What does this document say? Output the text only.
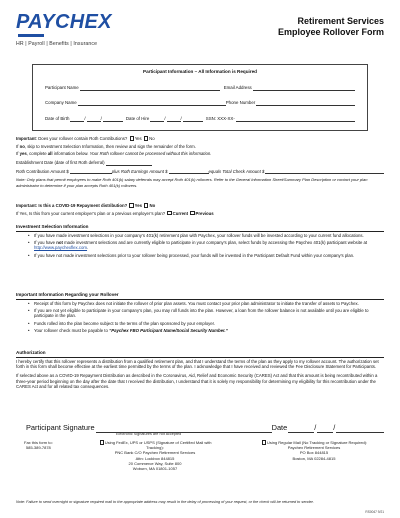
PAYCHEX
HR | Payroll | Benefits | Insurance
Retirement Services
Employee Rollover Form
Participant Information – All Information is Required
Participant Name	Email Address
Company Name	Phone Number
Date of Birth	/	/	Date of Hire	/	/	SSN: XXX-XX-
Important: Does your rollover contain Roth Contributions? Yes No
If no, skip to Investment Selection Information, then review and sign the remainder of the form.
If yes, complete all information below. Your Roth rollover cannot be processed without this information.
Establishment Date (date of first Roth deferral)
Roth Contribution Amount $	plus Roth Earnings Amount $	equals Total Check Amount $
Note: Only plans that permit employees to make Roth 401(k) salary deferrals may accept Roth 401(k) rollovers. Refer to the General Information Sheet/Summary Plan Description or contact your plan administrator to determine if your plan accepts Roth 401(k) rollovers.
Important: Is this a COVID-19 Repayment distribution? Yes No
If Yes, Is this from your current employer’s plan or a previous employer’s plan? Current Previous
Investment Selection Information
• If you have made investment selections in your company’s 401(k) retirement plan with Paychex, your rollover funds will be invested according to your current fund allocations.
• If you have not made investment selections and are currently eligible to participate in your company’s plan, select funds by accessing the Paychex 401(k) participant website at http://www.paychexflex.com.
• If you have not made investment selections prior to your rollover being processed, your funds will be invested in the Participant Default Fund within your company’s plan.
Important Information Regarding your Rollover
• Receipt of this form by Paychex does not initiate the rollover of prior plan assets. You must contact your prior plan administrator to initiate the transfer of assets to Paychex.
• If you are not yet eligible to participate in your company’s plan, you may roll funds into the plan. However, a loan from the rollover balance is not available until you are eligible to participate in the plan.
• Funds rolled into the plan become subject to the terms of the plan sponsored by your employer.
• Your rollover check must be payable to “Paychex FBO Participant Name/Social Security Number.”
Authorization

I hereby certify that this rollover represents a distribution from a qualified retirement plan, and that I understand the terms of the plan as they apply to my rollover account. The authorization set forth in this form shall become effective at the earliest time permitted by the terms of the plan. I acknowledge that I have received and reviewed the Fee Disclosure Statement for Participants.

If selected above as a COVID-19 Repayment Distribution as described in the Coronavirus, Aid, Relief and Economic Security (CARES) Act and that this amount is being recontributed within a three-year period beginning on the day after the date that I received the distribution, I understand that it is solely my responsibility for determining my eligibility for this recontribution under the CARES Act and for all related tax consequences.

Participant Signature	Date	/ /
Electronic Signatures are not accepted
Fax this form to:
585-389-7878
Using FedEx, UPS or USPS (Signature of Certified Mail with Tracking):
PNC Bank C/O Paychex Retirement Services
Attn: Lockbox 844815
20 Commerce Way, Suite 800
Woburn, MA 01801-1057
Using Regular Mail (No Tracking or Signature Required):
Paychex Retirement Services
PO Box 844815
Boston, MA 02284-4815
Note: Failure to send overnight or signature required mail to the appropriate address may result in the delay of processing of your request, or the check will be returned to sender.
RS0047 9/21
